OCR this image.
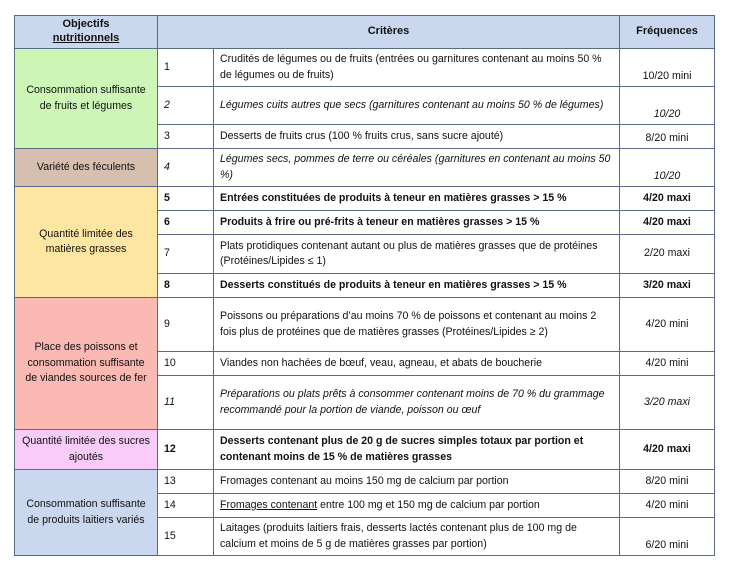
Objectifs
nutritionnels	Critères		Fréquences
Consommation suffisante de fruits et légumes	1	Crudités de légumes ou de fruits (entrées ou garnitures contenant au moins 50 % de légumes ou de fruits)	10/20 mini
	2	Légumes cuits autres que secs (garnitures contenant au moins 50 % de légumes)	10/20
	3	Desserts de fruits crus (100 % fruits crus, sans sucre ajouté)	8/20 mini
Variété des féculents	4	Légumes secs, pommes de terre ou céréales (garnitures en contenant au moins 50 %)	10/20
Quantité limitée des matières grasses	5	Entrées constituées de produits à teneur en matières grasses > 15 %	4/20 maxi
	6	Produits à frire ou pré-frits à teneur en matières grasses > 15 %	4/20 maxi
	7	Plats protidiques contenant autant ou plus de matières grasses que de protéines (Protéines/Lipides ≤ 1)	2/20 maxi
	8	Desserts constitués de produits à teneur en matières grasses > 15 %	3/20 maxi
Place des poissons et consommation suffisante de viandes sources de fer	9	Poissons ou préparations d’au moins 70 % de poissons et contenant au moins 2 fois plus de protéines que de matières grasses (Protéines/Lipides ≥ 2)	4/20 mini
	10	Viandes non hachées de bœuf, veau, agneau, et abats de boucherie	4/20 mini
	11	Préparations ou plats prêts à consommer contenant moins de 70 % du grammage recommandé pour la portion de viande, poisson ou œuf	3/20 maxi
Quantité limitée des sucres ajoutés	12	Desserts contenant plus de 20 g de sucres simples totaux par portion et contenant moins de 15 % de matières grasses	4/20 maxi
Consommation suffisante de produits laitiers variés	13	Fromages contenant au moins 150 mg de calcium par portion	8/20 mini
	14	Fromages contenant entre 100 mg et 150 mg de calcium par portion	4/20 mini
	15	Laitages (produits laitiers frais, desserts lactés contenant plus de 100 mg de calcium et moins de 5 g de matières grasses par portion)	6/20 mini
